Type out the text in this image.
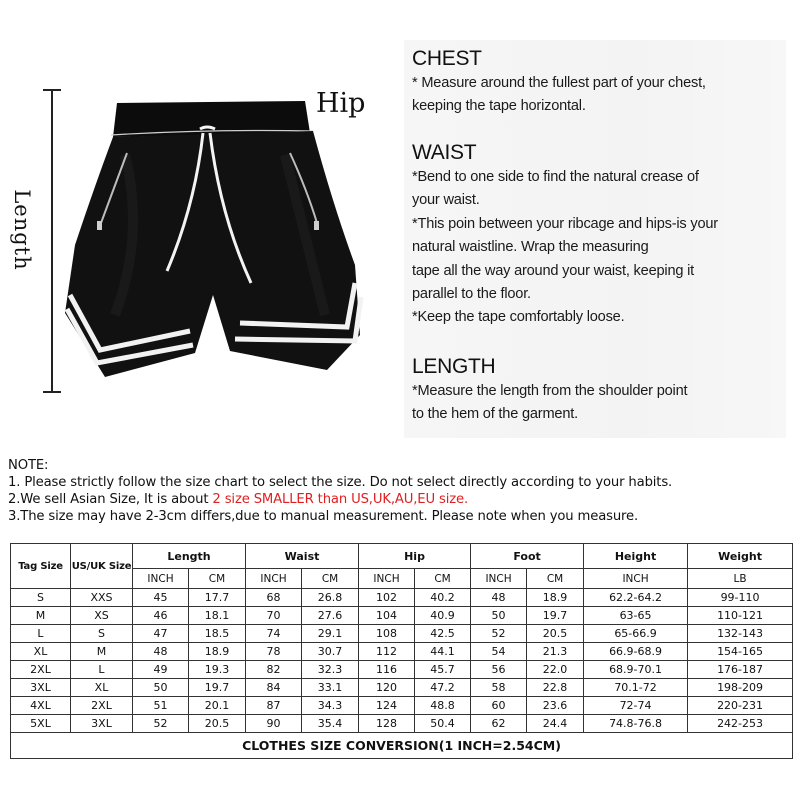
Length
Hip
CHEST
* Measure around the fullest part of your chest,
keeping the tape horizontal.
WAIST
*Bend to one side to find the natural crease of
your waist.
*This poin between your ribcage and hips-is your
natural waistline. Wrap the measuring
tape all the way around your waist, keeping it
parallel to the floor.
*Keep the tape comfortably loose.
LENGTH
*Measure the length from the shoulder point
to the hem of the garment.
NOTE:
1. Please strictly follow the size chart to select the size. Do not select directly according to your habits.
2.We sell Asian Size, It is about 2 size SMALLER than US,UK,AU,EU size.
3.The size may have 2-3cm differs,due to manual measurement. Please note when you measure.
Tag Size	US/UK Size	Length		Waist		Hip		Foot		Height	Weight
		INCH	CM	INCH	CM	INCH	CM	INCH	CM	INCH	LB
S	XXS	45	17.7	68	26.8	102	40.2	48	18.9	62.2-64.2	99-110
M	XS	46	18.1	70	27.6	104	40.9	50	19.7	63-65	110-121
L	S	47	18.5	74	29.1	108	42.5	52	20.5	65-66.9	132-143
XL	M	48	18.9	78	30.7	112	44.1	54	21.3	66.9-68.9	154-165
2XL	L	49	19.3	82	32.3	116	45.7	56	22.0	68.9-70.1	176-187
3XL	XL	50	19.7	84	33.1	120	47.2	58	22.8	70.1-72	198-209
4XL	2XL	51	20.1	87	34.3	124	48.8	60	23.6	72-74	220-231
5XL	3XL	52	20.5	90	35.4	128	50.4	62	24.4	74.8-76.8	242-253
CLOTHES SIZE CONVERSION(1 INCH=2.54CM)											
